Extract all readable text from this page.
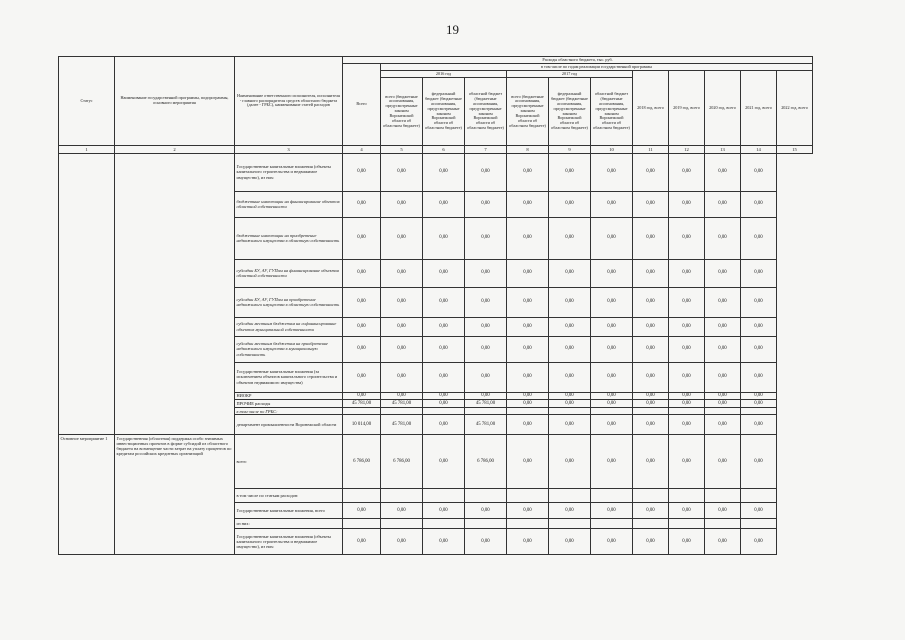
19
Статус	Наименование государственной программы, подпрограммы, основного мероприятия	Наименование ответственного исполнителя, исполнителя - главного распорядителя средств областного бюджета (далее - ГРБС), наименование статей расходов	Расходы областного бюджета, тыс. руб.											
			Всего	в том числе по годам реализации государственной программы										
				2016 год			2017 год			2018 год, всего	2019 год, всего	2020 год, всего	2021 год, всего	2022 год, всего
				всего (бюджетные ассигнования, предусмотренные законом Воронежской области об областном бюджете)	федеральный бюджет (бюджетные ассигнования, предусмотренные законом Воронежской области об областном бюджете)	областной бюджет (бюджетные ассигнования, предусмотренные законом Воронежской области об областном бюджете)	всего (бюджетные ассигнования, предусмотренные законом Воронежской области об областном бюджете)	федеральный бюджет (бюджетные ассигнования, предусмотренные законом Воронежской области об областном бюджете)	областной бюджет (бюджетные ассигнования, предусмотренные законом Воронежской области об областном бюджете)					
1	2	3	4	5	6	7	8	9	10	11	12	13	14	15
		Государственные капитальные вложения (объекты капитального строительства и недвижимое имущество), из них:	0,00	0,00	0,00	0,00	0,00	0,00	0,00	0,00	0,00	0,00	0,00	
		бюджетные инвестиции на финансирование объектов областной собственности	0,00	0,00	0,00	0,00	0,00	0,00	0,00	0,00	0,00	0,00	0,00	
		бюджетные инвестиции на приобретение недвижимого имущества в областную собственность	0,00	0,00	0,00	0,00	0,00	0,00	0,00	0,00	0,00	0,00	0,00	
		субсидии БУ, АУ, ГУПам на финансирование объектов областной собственности	0,00	0,00	0,00	0,00	0,00	0,00	0,00	0,00	0,00	0,00	0,00	
		субсидии БУ, АУ, ГУПам на приобретение недвижимого имущества в областную собственность	0,00	0,00	0,00	0,00	0,00	0,00	0,00	0,00	0,00	0,00	0,00	
		субсидии местным бюджетам на софинансирование объектов муниципальной собственности	0,00	0,00	0,00	0,00	0,00	0,00	0,00	0,00	0,00	0,00	0,00	
		субсидии местным бюджетам на приобретение недвижимого имущества в муниципальную собственность	0,00	0,00	0,00	0,00	0,00	0,00	0,00	0,00	0,00	0,00	0,00	
		Государственные капитальные вложения (за исключением объектов капитального строительства и объектов недвижимого имущества)	0,00	0,00	0,00	0,00	0,00	0,00	0,00	0,00	0,00	0,00	0,00	
		НИОКР	0,00	0,00	0,00	0,00	0,00	0,00	0,00	0,00	0,00	0,00	0,00	
		ПРОЧИЕ расходы	45 781,00	45 781,00	0,00	45 781,00	0,00	0,00	0,00	0,00	0,00	0,00	0,00	
		в том числе по ГРБС:												
		департамент промышленности Воронежской области	10 014,00	45 781,00	0,00	45 781,00	0,00	0,00	0,00	0,00	0,00	0,00	0,00	
Основное мероприятие 1	Государственная (областная) поддержка особо значимых инвестиционных проектов в форме субсидий из областного бюджета на возмещение части затрат на уплату процентов по кредитам российских кредитных организаций	всего	6 786,00	6 786,00	0,00	6 786,00	0,00	0,00	0,00	0,00	0,00	0,00	0,00	
		в том числе по статьям расходов:												
		Государственные капитальные вложения, всего	0,00	0,00	0,00	0,00	0,00	0,00	0,00	0,00	0,00	0,00	0,00	
		из них:												
		Государственные капитальные вложения (объекты капитального строительства и недвижимое имущество), из них:	0,00	0,00	0,00	0,00	0,00	0,00	0,00	0,00	0,00	0,00	0,00	
